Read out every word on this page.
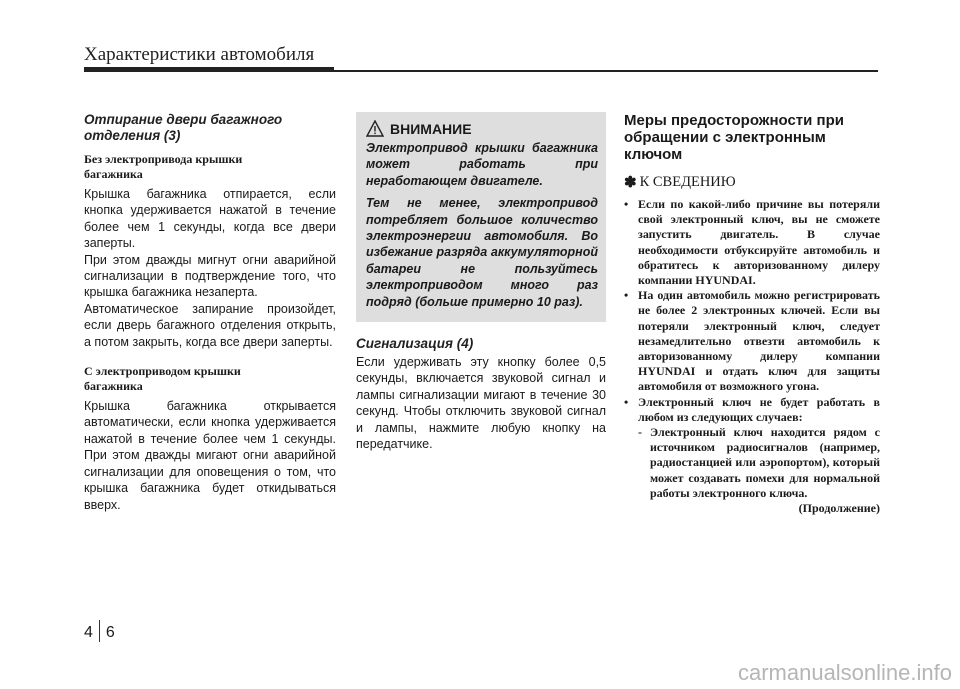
Характеристики автомобиля

Отпирание двери багажного
отделения (3)

Без электропривода крышки
багажника

Крышка багажника отпирается, если кнопка удерживается нажатой в течение более чем 1 секунды, когда все двери заперты.

При этом дважды мигнут огни аварийной сигнализации в подтверждение того, что крышка багажника незаперта.

Автоматическое запирание произойдет, если дверь багажного отделения открыть, а потом закрыть, когда все двери заперты.

С электроприводом крышки
багажника

Крышка багажника открывается автоматически, если кнопка удерживается нажатой в течение более чем 1 секунды. При этом дважды мигают огни аварийной сигнализации для оповещения о том, что крышка багажника будет откидываться вверх.

ВНИМАНИЕ

Электропривод крышки багажника может работать при неработающем двигателе.

Тем не менее, электропривод потребляет большое количество электроэнергии автомобиля. Во избежание разряда аккумуляторной батареи не пользуйтесь электроприводом много раз подряд (больше примерно 10 раз).

Сигнализация (4)

Если удерживать эту кнопку более 0,5 секунды, включается звуковой сигнал и лампы сигнализации мигают в течение 30 секунд. Чтобы отключить звуковой сигнал и лампы, нажмите любую кнопку на передатчике.

Меры предосторожности при
обращении с электронным
ключом

✽ К СВЕДЕНИЮ
• Если по какой-либо причине вы потеряли свой электронный ключ, вы не сможете запустить двигатель. В случае необходимости отбуксируйте автомобиль и обратитесь к авторизованному дилеру компании HYUNDAI.
• На один автомобиль можно регистрировать не более 2 электронных ключей. Если вы потеряли электронный ключ, следует незамедлительно отвезти автомобиль к авторизованному дилеру компании HYUNDAI и отдать ключ для защиты автомобиля от возможного угона.
• Электронный ключ не будет работать в любом из следующих случаев:
- Электронный ключ находится рядом с источником радиосигналов (например, радиостанцией или аэропортом), который может создавать помехи для нормальной работы электронного ключа.
(Продолжение)
4 6
carmanualsonline.info
